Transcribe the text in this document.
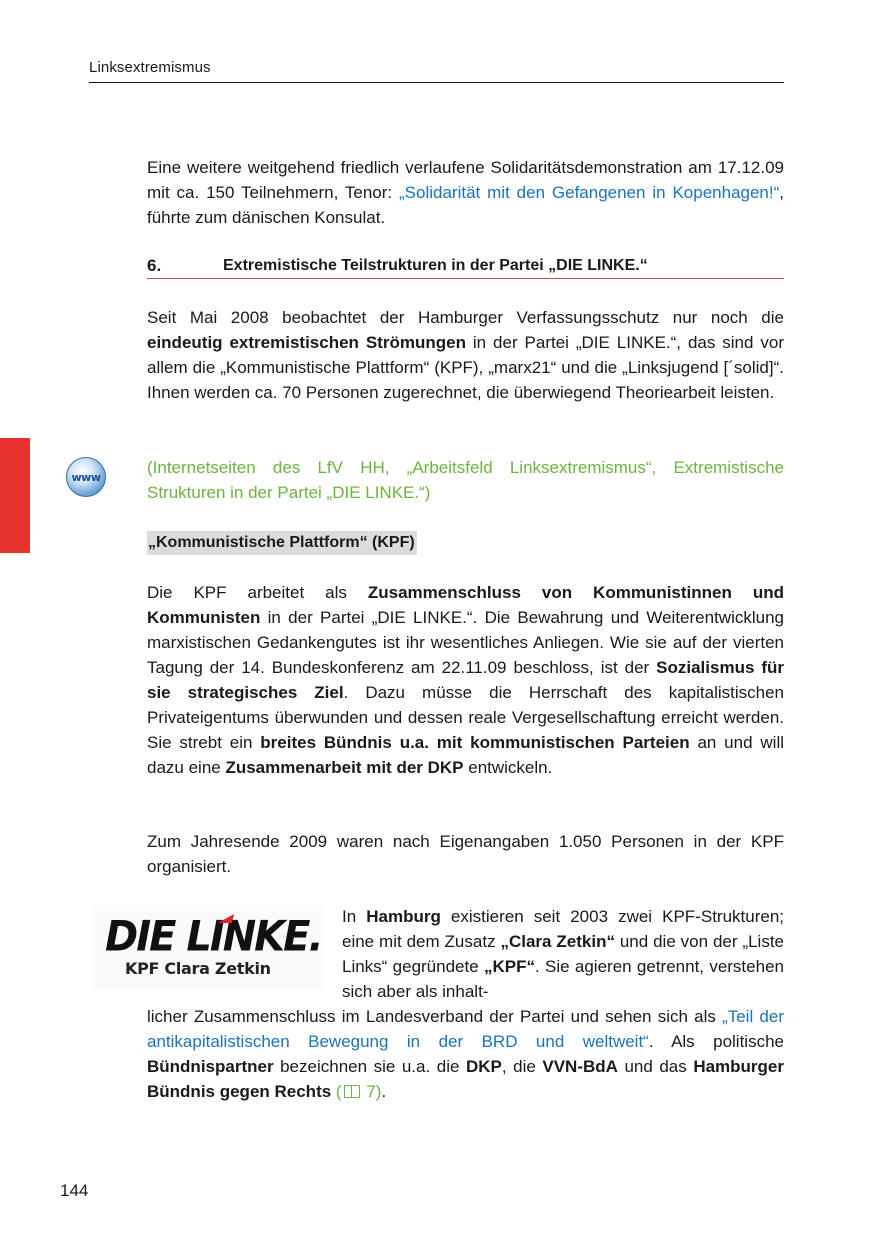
Linksextremismus

Eine weitere weitgehend friedlich verlaufene Solidaritätsdemonstration am 17.12.09 mit ca. 150 Teilnehmern, Tenor: „Solidarität mit den Gefangenen in Kopenhagen!“, führte zum dänischen Konsulat.

6.	Extremistische Teilstrukturen in der Partei „DIE LINKE.“

Seit Mai 2008 beobachtet der Hamburger Verfassungsschutz nur noch die eindeutig extremistischen Strömungen in der Partei „DIE LINKE.“, das sind vor allem die „Kommunistische Plattform“ (KPF), „marx21“ und die „Linksjugend [´solid]“. Ihnen werden ca. 70 Personen zugerechnet, die überwiegend Theoriearbeit leisten.

www	(Internetseiten des LfV HH, „Arbeitsfeld Linksextremismus“, Extremistische Strukturen in der Partei „DIE LINKE.“)

„Kommunistische Plattform“ (KPF)

Die KPF arbeitet als Zusammenschluss von Kommunistinnen und Kommunisten in der Partei „DIE LINKE.“. Die Bewahrung und Weiterentwicklung marxistischen Gedankengutes ist ihr wesentliches Anliegen. Wie sie auf der vierten Tagung der 14. Bundeskonferenz am 22.11.09 beschloss, ist der Sozialismus für sie strategisches Ziel. Dazu müsse die Herrschaft des kapitalistischen Privateigentums überwunden und dessen reale Vergesellschaftung erreicht werden. Sie strebt ein breites Bündnis u.a. mit kommunistischen Parteien an und will dazu eine Zusammenarbeit mit der DKP entwickeln.

Zum Jahresende 2009 waren nach Eigenangaben 1.050 Personen in der KPF organisiert.

DIE LINKE.
KPF Clara Zetkin

In Hamburg existieren seit 2003 zwei KPF-Strukturen; eine mit dem Zusatz „Clara Zetkin“ und die von der „Liste Links“ gegründete „KPF“. Sie agieren getrennt, verstehen sich aber als inhalt-

licher Zusammenschluss im Landesverband der Partei und sehen sich als „Teil der antikapitalistischen Bewegung in der BRD und weltweit“. Als politische Bündnispartner bezeichnen sie u.a. die DKP, die VVN-BdA und das Hamburger Bündnis gegen Rechts ( 7).

144
